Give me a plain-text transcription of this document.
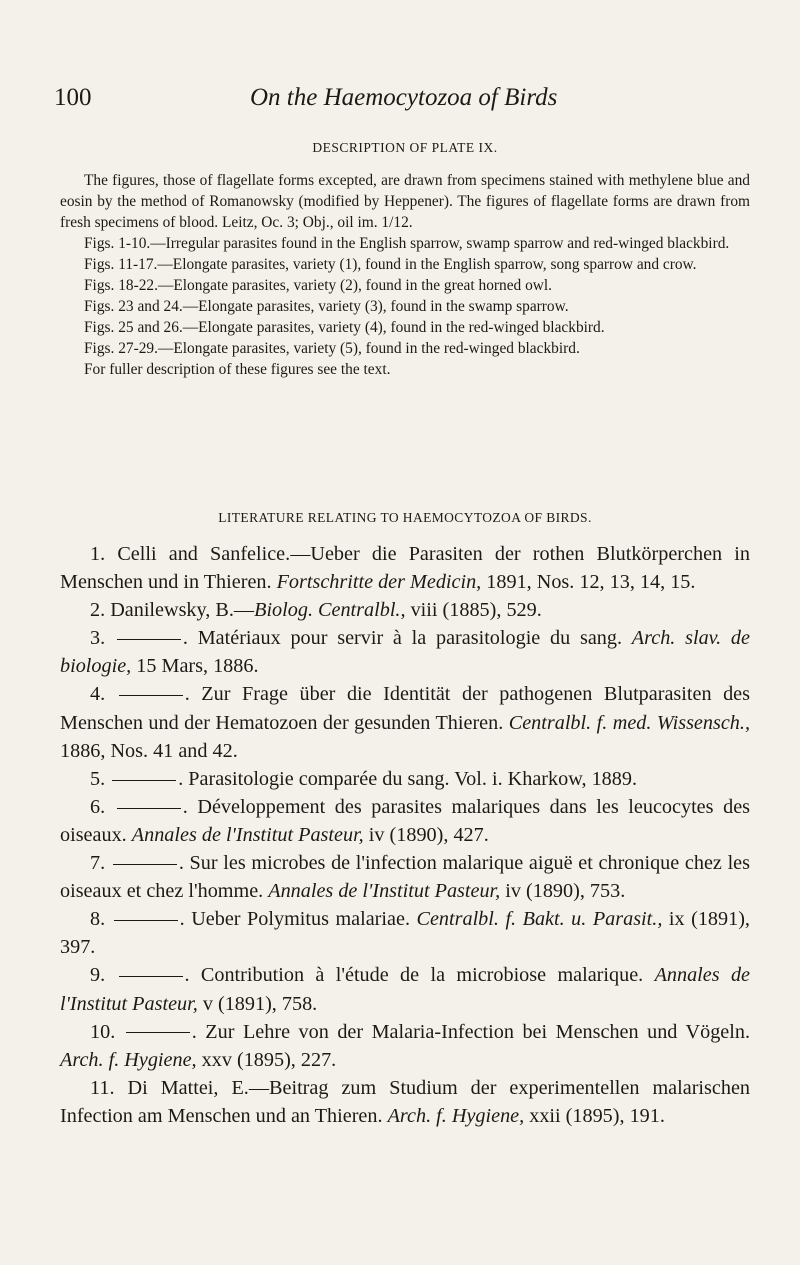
100	On the Haemocytozoa of Birds
DESCRIPTION OF PLATE IX.

The figures, those of flagellate forms excepted, are drawn from specimens stained with methylene blue and eosin by the method of Romanowsky (modified by Heppener). The figures of flagellate forms are drawn from fresh specimens of blood. Leitz, Oc. 3; Obj., oil im. 1/12.

Figs. 1-10.—Irregular parasites found in the English sparrow, swamp sparrow and red-winged blackbird.

Figs. 11-17.—Elongate parasites, variety (1), found in the English sparrow, song sparrow and crow.

Figs. 18-22.—Elongate parasites, variety (2), found in the great horned owl.

Figs. 23 and 24.—Elongate parasites, variety (3), found in the swamp sparrow.

Figs. 25 and 26.—Elongate parasites, variety (4), found in the red-winged blackbird.

Figs. 27-29.—Elongate parasites, variety (5), found in the red-winged blackbird.

For fuller description of these figures see the text.

LITERATURE RELATING TO HAEMOCYTOZOA OF BIRDS.

1. Celli and Sanfelice.—Ueber die Parasiten der rothen Blutkörperchen in Menschen und in Thieren. Fortschritte der Medicin, 1891, Nos. 12, 13, 14, 15.

2. Danilewsky, B.—Biolog. Centralbl., viii (1885), 529.

3.	. Matériaux pour servir à la parasitologie du sang. Arch. slav. de biologie, 15 Mars, 1886.

4.	. Zur Frage über die Identität der pathogenen Blutparasiten des Menschen und der Hematozoen der gesunden Thieren. Centralbl. f. med. Wissensch., 1886, Nos. 41 and 42.

5.	. Parasitologie comparée du sang. Vol. i. Kharkow, 1889.

6.	. Développement des parasites malariques dans les leucocytes des oiseaux. Annales de l'Institut Pasteur, iv (1890), 427.

7.	. Sur les microbes de l'infection malarique aiguë et chronique chez les oiseaux et chez l'homme. Annales de l'Institut Pasteur, iv (1890), 753.

8.	. Ueber Polymitus malariae. Centralbl. f. Bakt. u. Parasit., ix (1891), 397.

9.	. Contribution à l'étude de la microbiose malarique. Annales de l'Institut Pasteur, v (1891), 758.

10.	. Zur Lehre von der Malaria-Infection bei Menschen und Vögeln. Arch. f. Hygiene, xxv (1895), 227.

11. Di Mattei, E.—Beitrag zum Studium der experimentellen malarischen Infection am Menschen und an Thieren. Arch. f. Hygiene, xxii (1895), 191.
